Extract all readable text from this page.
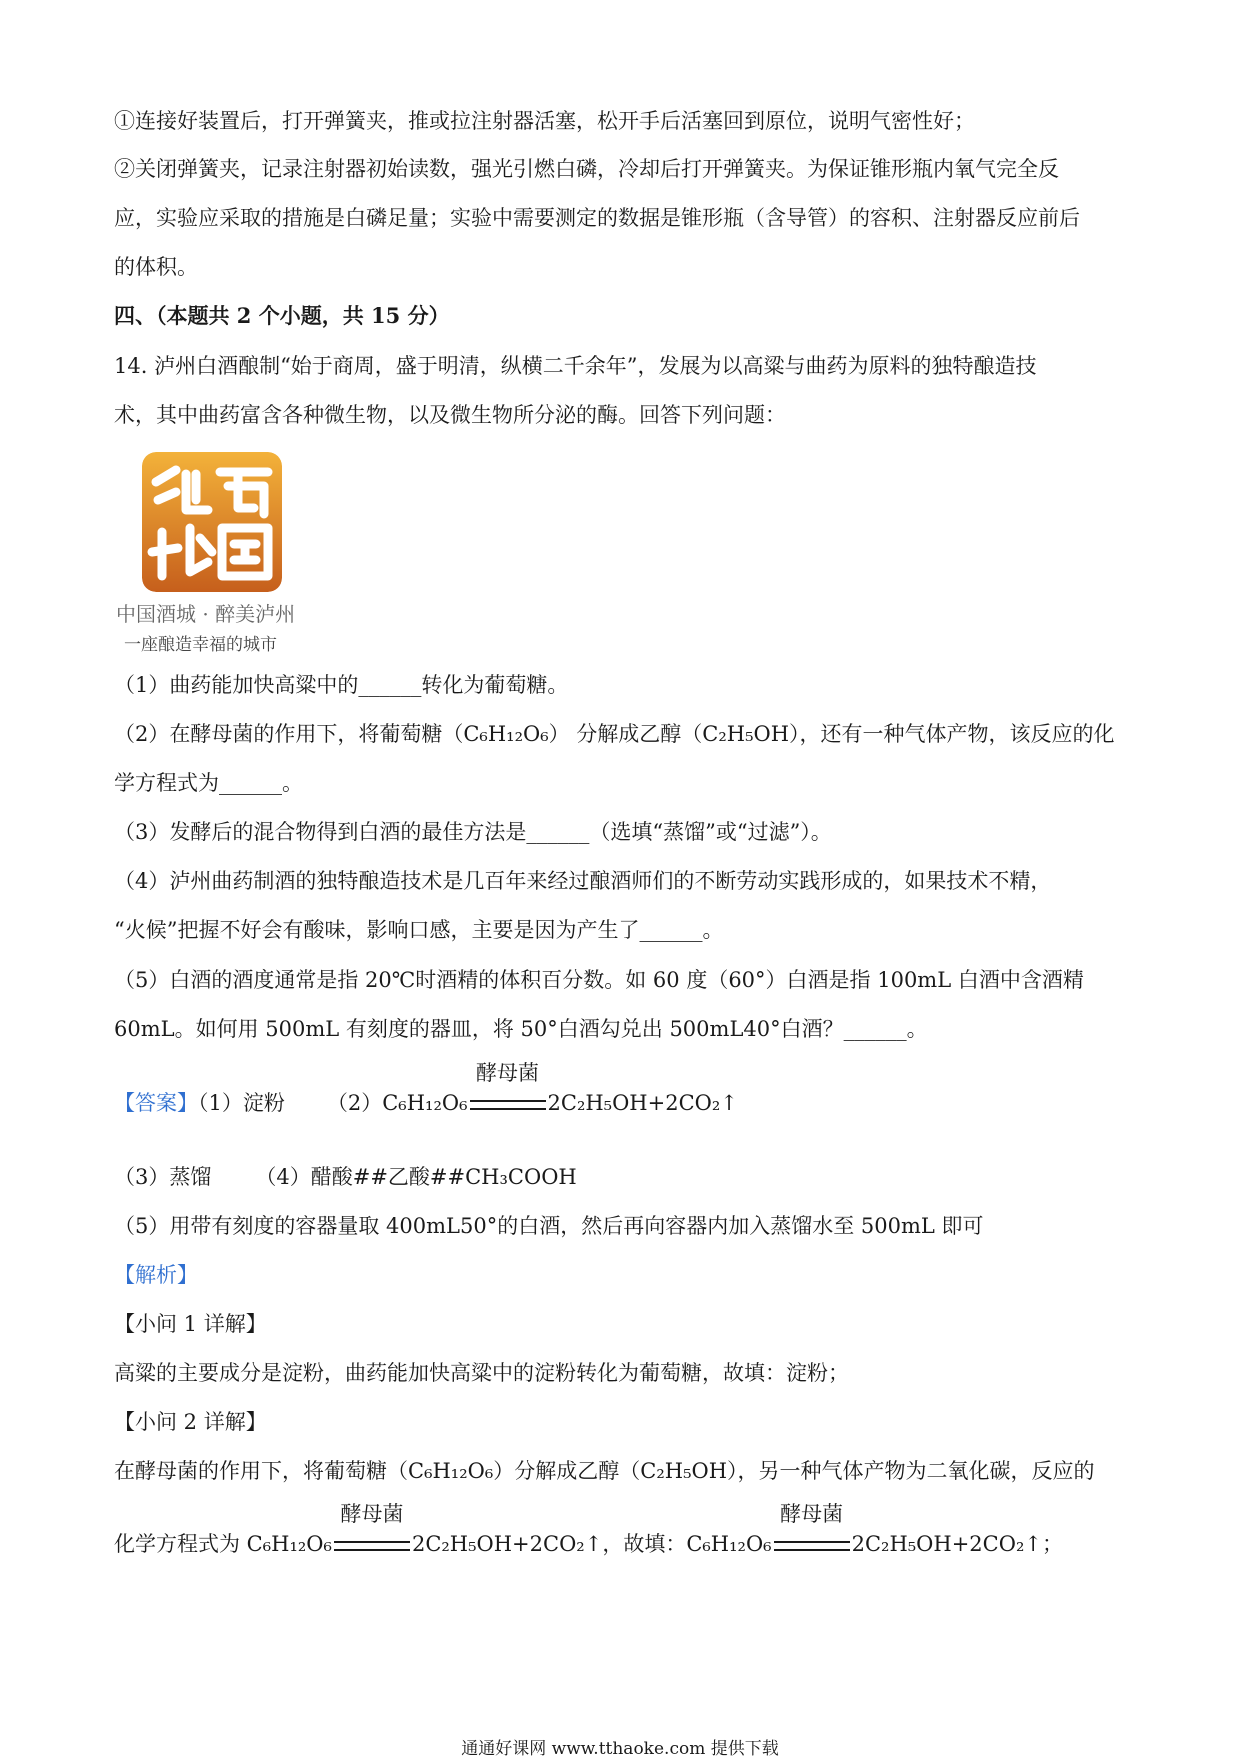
①连接好装置后，打开弹簧夹，推或拉注射器活塞，松开手后活塞回到原位，说明气密性好；
②关闭弹簧夹，记录注射器初始读数，强光引燃白磷，冷却后打开弹簧夹。为保证锥形瓶内氧气完全反
应，实验应采取的措施是白磷足量；实验中需要测定的数据是锥形瓶（含导管）的容积、注射器反应前后
的体积。
四、（本题共 2 个小题，共 15 分）
14. 泸州白酒酿制“始于商周，盛于明清，纵横二千余年”，发展为以高粱与曲药为原料的独特酿造技
术，其中曲药富含各种微生物，以及微生物所分泌的酶。回答下列问题：
中国酒城 · 醉美泸州
一座酿造幸福的城市
（1）曲药能加快高粱中的______转化为葡萄糖。
（2）在酵母菌的作用下，将葡萄糖（C₆H₁₂O₆） 分解成乙醇（C₂H₅OH），还有一种气体产物，该反应的化
学方程式为______。
（3）发酵后的混合物得到白酒的最佳方法是______（选填“蒸馏”或“过滤”）。
（4）泸州曲药制酒的独特酿造技术是几百年来经过酿酒师们的不断劳动实践形成的，如果技术不精，
“火候”把握不好会有酸味，影响口感，主要是因为产生了______。
（5）白酒的酒度通常是指 20℃时酒精的体积百分数。如 60 度（60°）白酒是指 100mL 白酒中含酒精
60mL。如何用 500mL 有刻度的器皿，将 50°白酒勾兑出 500mL40°白酒？______。
【答案】（1）淀粉 （2）C₆H₁₂O₆
酵母菌
2C₂H₅OH+2CO₂↑
（3）蒸馏 （4）醋酸##乙酸##CH₃COOH
（5）用带有刻度的容器量取 400mL50°的白酒，然后再向容器内加入蒸馏水至 500mL 即可
【解析】
【小问 1 详解】
高粱的主要成分是淀粉，曲药能加快高粱中的淀粉转化为葡萄糖，故填：淀粉；
【小问 2 详解】
在酵母菌的作用下，将葡萄糖（C₆H₁₂O₆）分解成乙醇（C₂H₅OH），另一种气体产物为二氧化碳，反应的
化学方程式为 C₆H₁₂O₆
酵母菌
2C₂H₅OH+2CO₂↑，故填：C₆H₁₂O₆
酵母菌
2C₂H₅OH+2CO₂↑；
通通好课网 www.tthaoke.com 提供下载
